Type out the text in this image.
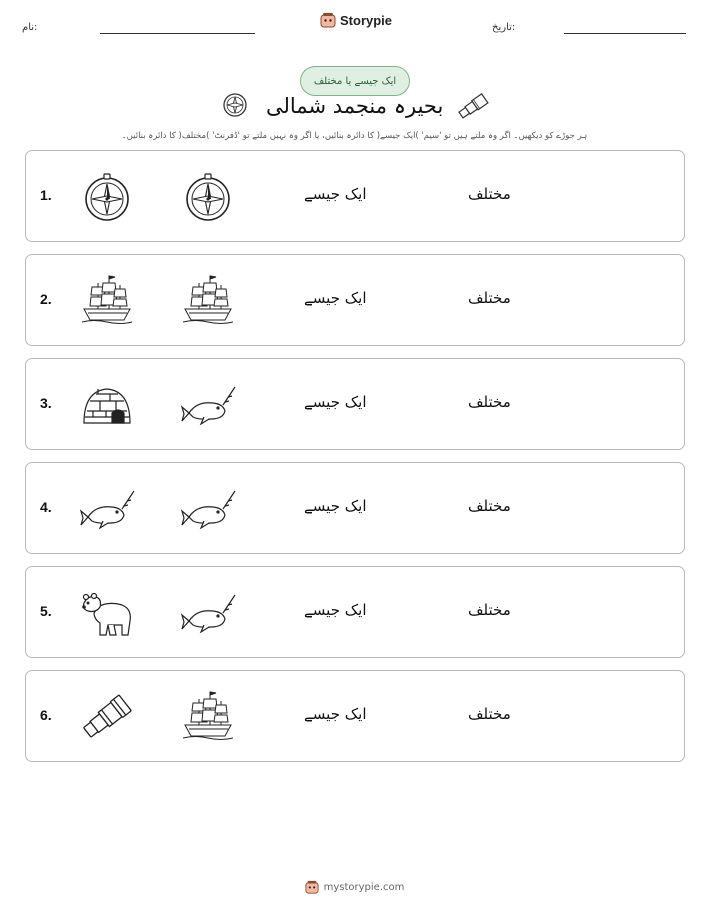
نام:	Storypie	تاریخ:
ایک جیسے یا مختلف
بحیرہ منجمد شمالی
ہر جوڑے کو دیکھیں۔ اگر وہ ملتے ہیں تو 'سیم' )ایک جیسے( کا دائرہ بنائیں، یا اگر وہ نہیں ملتے تو 'ڈفرنٹ' )مختلف( کا دائرہ بنائیں۔
1.	ایک جیسے	مختلف
2.	ایک جیسے	مختلف
3.	ایک جیسے	مختلف
4.	ایک جیسے	مختلف
5.	ایک جیسے	مختلف
6.	ایک جیسے	مختلف
mystorypie.com
